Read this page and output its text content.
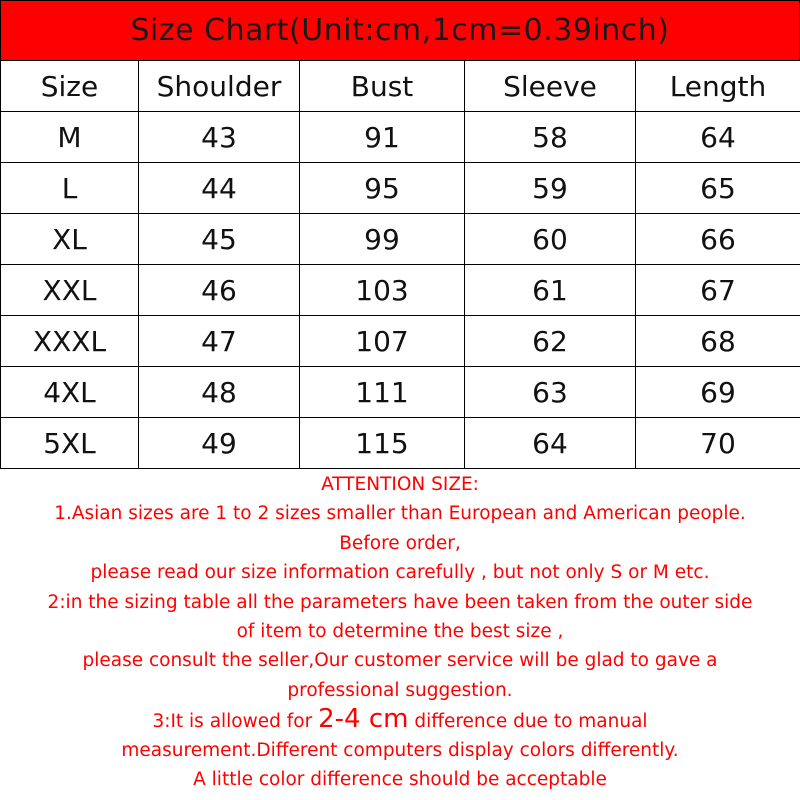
Size Chart(Unit:cm,1cm=0.39inch)
Size	Shoulder	Bust	Sleeve	Length
M	43	91	58	64
L	44	95	59	65
XL	45	99	60	66
XXL	46	103	61	67
XXXL	47	107	62	68
4XL	48	111	63	69
5XL	49	115	64	70
ATTENTION SIZE:
1.Asian sizes are 1 to 2 sizes smaller than European and American people.
Before order,
please read our size information carefully , but not only S or M etc.
2:in the sizing table all the parameters have been taken from the outer side
of item to determine the best size ,
please consult the seller,Our customer service will be glad to gave a
professional suggestion.
3:It is allowed for 2-4 cm difference due to manual
measurement.Different computers display colors differently.
A little color difference should be acceptable
